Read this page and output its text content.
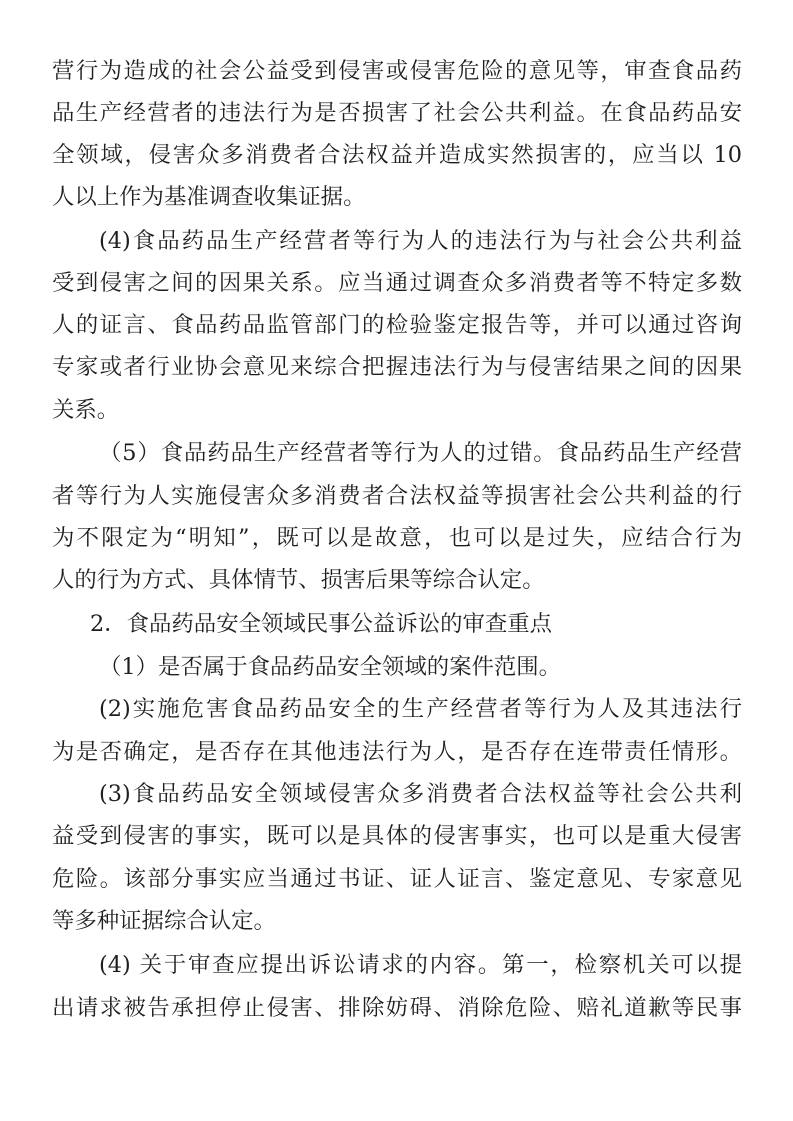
营行为造成的社会公益受到侵害或侵害危险的意见等，审查食品药
品生产经营者的违法行为是否损害了社会公共利益。在食品药品安
全领域，侵害众多消费者合法权益并造成实然损害的，应当以 10
人以上作为基准调查收集证据。
(4)食品药品生产经营者等行为人的违法行为与社会公共利益
受到侵害之间的因果关系。应当通过调查众多消费者等不特定多数
人的证言、食品药品监管部门的检验鉴定报告等，并可以通过咨询
专家或者行业协会意见来综合把握违法行为与侵害结果之间的因果
关系。
（5）食品药品生产经营者等行为人的过错。食品药品生产经营
者等行为人实施侵害众多消费者合法权益等损害社会公共利益的行
为不限定为“明知”，既可以是故意，也可以是过失，应结合行为
人的行为方式、具体情节、损害后果等综合认定。
2．食品药品安全领域民事公益诉讼的审查重点
（1）是否属于食品药品安全领域的案件范围。
(2)实施危害食品药品安全的生产经营者等行为人及其违法行
为是否确定，是否存在其他违法行为人，是否存在连带责任情形。
(3)食品药品安全领域侵害众多消费者合法权益等社会公共利
益受到侵害的事实，既可以是具体的侵害事实，也可以是重大侵害
危险。该部分事实应当通过书证、证人证言、鉴定意见、专家意见
等多种证据综合认定。
(4) 关于审查应提出诉讼请求的内容。第一，检察机关可以提
出请求被告承担停止侵害、排除妨碍、消除危险、赔礼道歉等民事
